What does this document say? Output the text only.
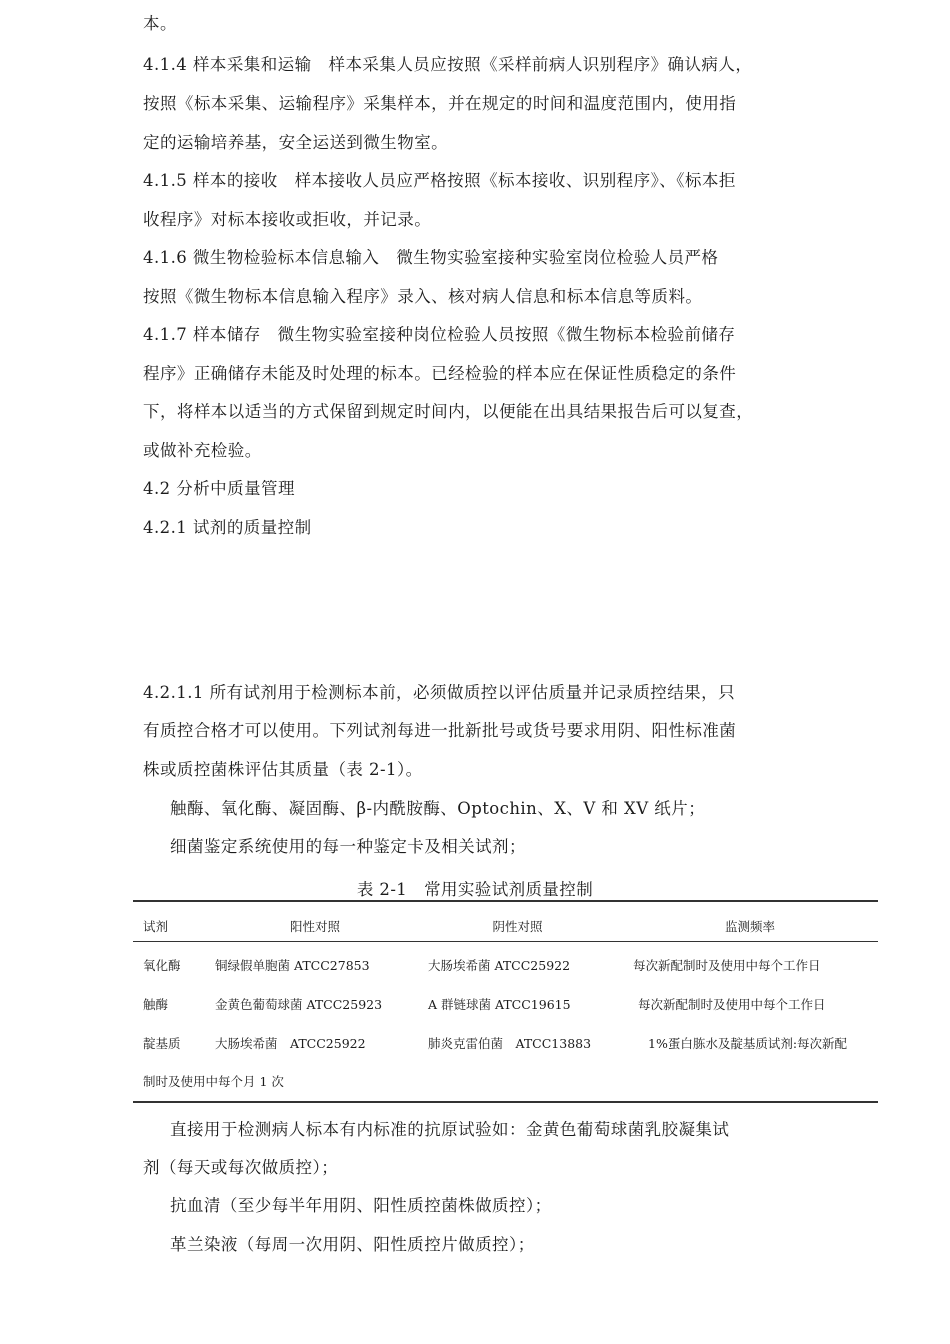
本。
4.1.4 样本采集和运输　样本采集人员应按照《采样前病人识别程序》确认病人，
按照《标本采集、运输程序》采集样本，并在规定的时间和温度范围内，使用指
定的运输培养基，安全运送到微生物室。
4.1.5 样本的接收　样本接收人员应严格按照《标本接收、识别程序》、《标本拒
收程序》对标本接收或拒收，并记录。
4.1.6 微生物检验标本信息输入　微生物实验室接种实验室岗位检验人员严格
按照《微生物标本信息输入程序》录入、核对病人信息和标本信息等质料。
4.1.7 样本储存　微生物实验室接种岗位检验人员按照《微生物标本检验前储存
程序》正确储存未能及时处理的标本。已经检验的样本应在保证性质稳定的条件
下，将样本以适当的方式保留到规定时间内，以便能在出具结果报告后可以复查，
或做补充检验。
4.2 分析中质量管理
4.2.1 试剂的质量控制
4.2.1.1 所有试剂用于检测标本前，必须做质控以评估质量并记录质控结果，只
有质控合格才可以使用。下列试剂每进一批新批号或货号要求用阴、阳性标准菌
株或质控菌株评估其质量（表 2-1）。
触酶、氧化酶、凝固酶、β-内酰胺酶、Optochin、X、V 和 XV 纸片；
细菌鉴定系统使用的每一种鉴定卡及相关试剂；
表 2-1　常用实验试剂质量控制
试剂	阳性对照	阴性对照	监测频率
氧化酶	铜绿假单胞菌 ATCC27853	大肠埃希菌 ATCC25922	每次新配制时及使用中每个工作日
触酶	金黄色葡萄球菌 ATCC25923	A 群链球菌 ATCC19615	每次新配制时及使用中每个工作日
靛基质	大肠埃希菌　ATCC25922	肺炎克雷伯菌　ATCC13883	1%蛋白胨水及靛基质试剂:每次新配
制时及使用中每个月 1 次
直接用于检测病人标本有内标准的抗原试验如：金黄色葡萄球菌乳胶凝集试
剂（每天或每次做质控）；
抗血清（至少每半年用阴、阳性质控菌株做质控）；
革兰染液（每周一次用阴、阳性质控片做质控）；
